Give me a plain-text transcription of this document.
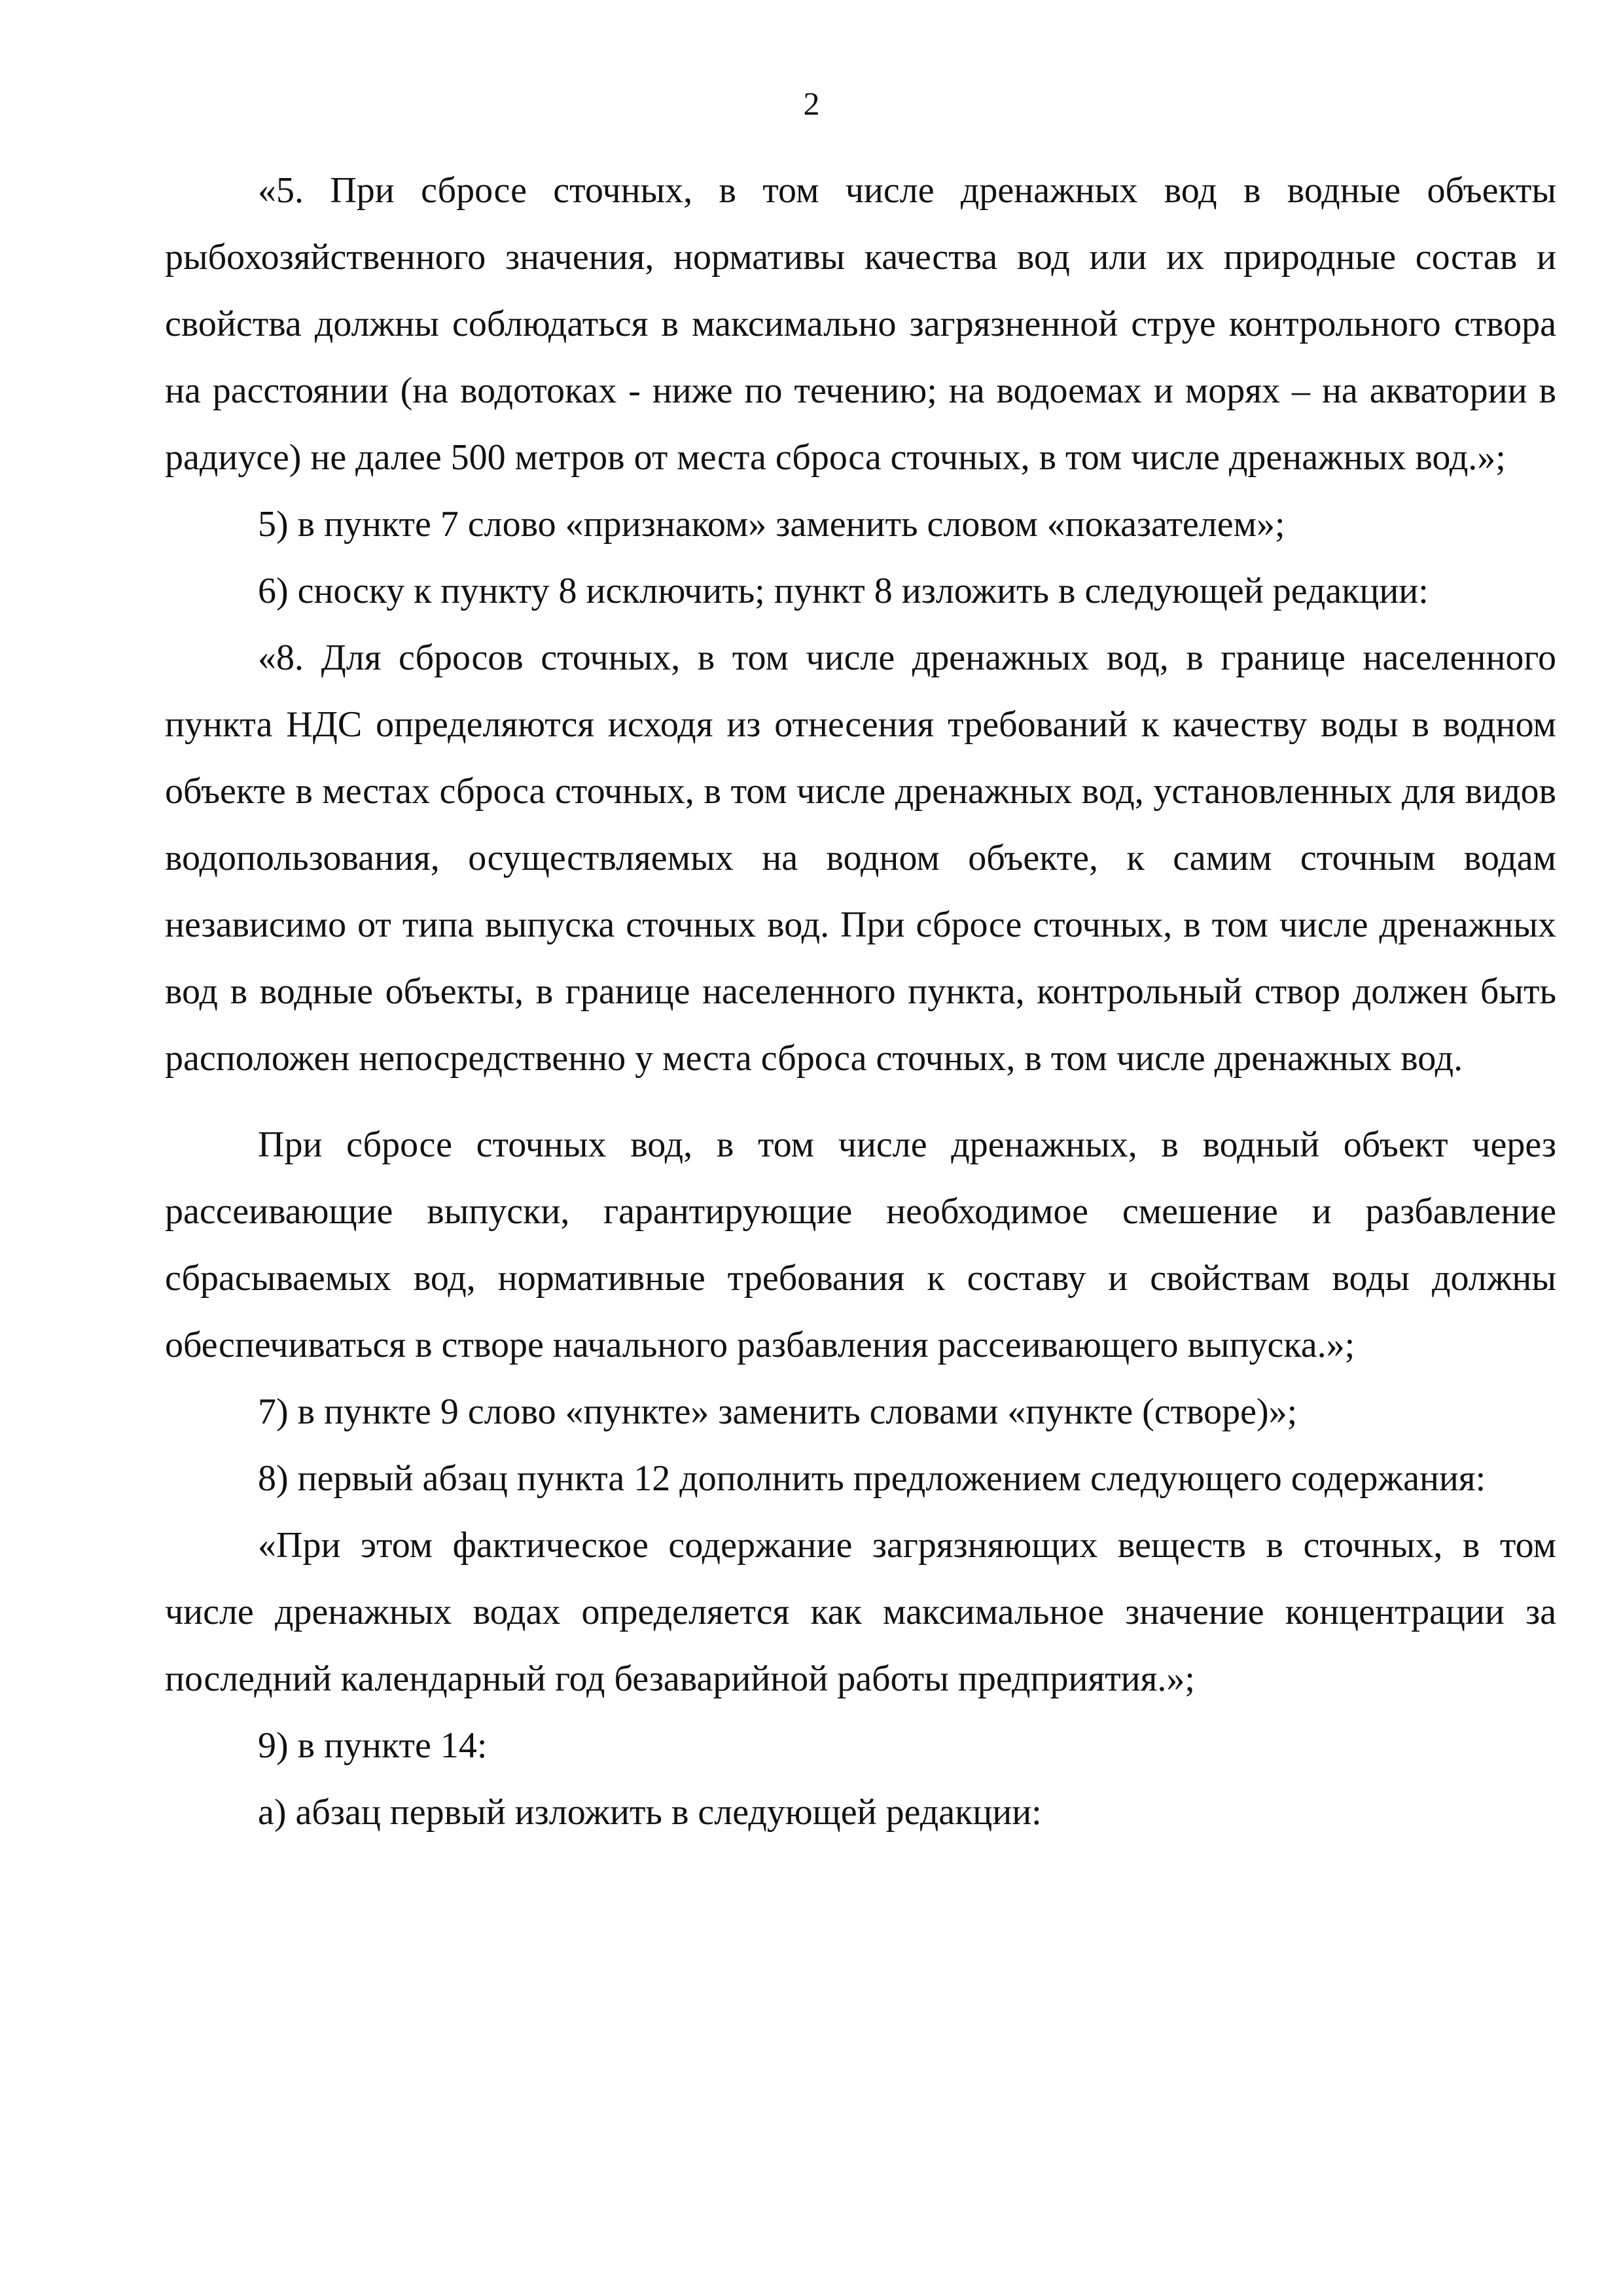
2

«5. При сбросе сточных, в том числе дренажных вод в водные объекты рыбохозяйственного значения, нормативы качества вод или их природные состав и свойства должны соблюдаться в максимально загрязненной струе контрольного створа на расстоянии (на водотоках - ниже по течению; на водоемах и морях – на акватории в радиусе) не далее 500 метров от места сброса сточных, в том числе дренажных вод.»;

5) в пункте 7 слово «признаком» заменить словом «показателем»;

6) сноску к пункту 8 исключить; пункт 8 изложить в следующей редакции:

«8. Для сбросов сточных, в том числе дренажных вод, в границе населенного пункта НДС определяются исходя из отнесения требований к качеству воды в водном объекте в местах сброса сточных, в том числе дренажных вод, установленных для видов водопользования, осуществляемых на водном объекте, к самим сточным водам независимо от типа выпуска сточных вод. При сбросе сточных, в том числе дренажных вод в водные объекты, в границе населенного пункта, контрольный створ должен быть расположен непосредственно у места сброса сточных, в том числе дренажных вод.

При сбросе сточных вод, в том числе дренажных, в водный объект через рассеивающие выпуски, гарантирующие необходимое смешение и разбавление сбрасываемых вод, нормативные требования к составу и свойствам воды должны обеспечиваться в створе начального разбавления рассеивающего выпуска.»;

7) в пункте 9 слово «пункте» заменить словами «пункте (створе)»;

8) первый абзац пункта 12 дополнить предложением следующего содержания:

«При этом фактическое содержание загрязняющих веществ в сточных, в том числе дренажных водах определяется как максимальное значение концентрации за последний календарный год безаварийной работы предприятия.»;

9) в пункте 14:

а) абзац первый изложить в следующей редакции:
